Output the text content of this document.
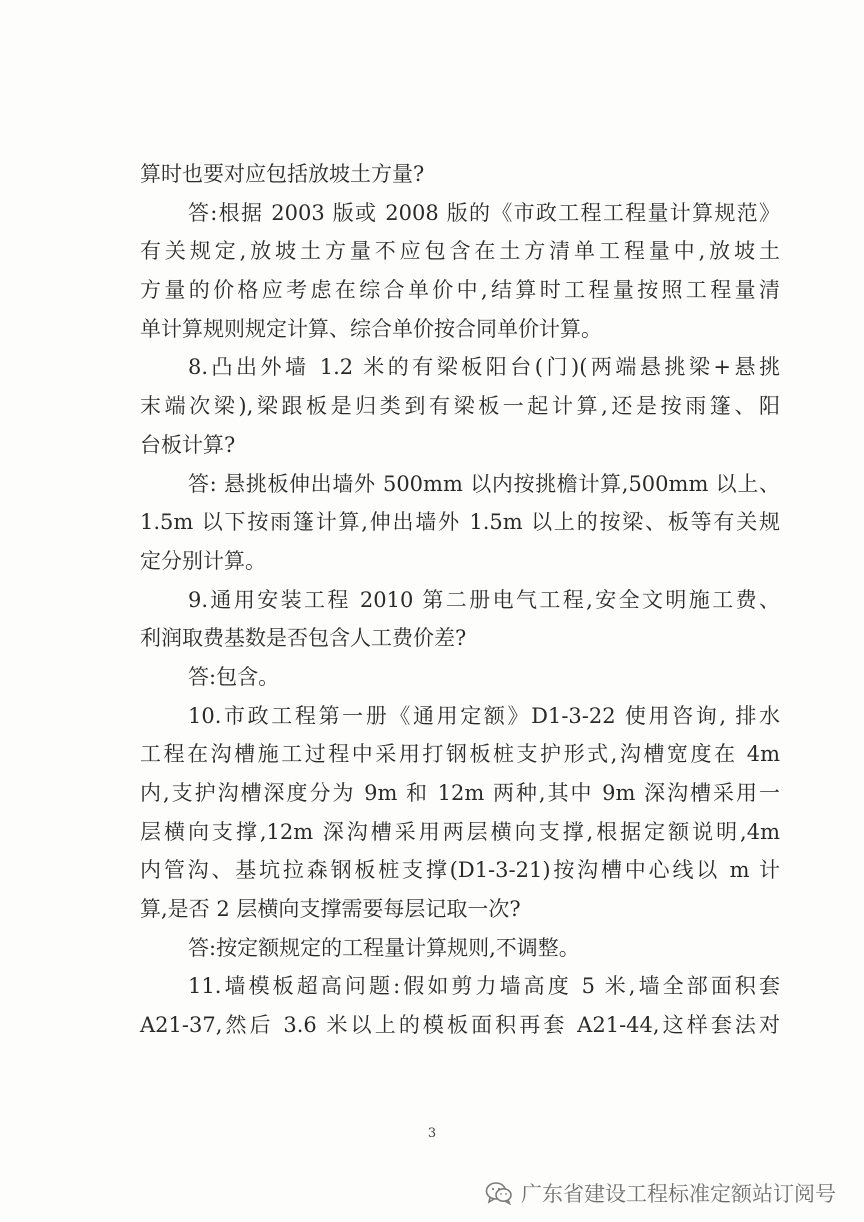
算时也要对应包括放坡土方量?
答:根据 2003 版或 2008 版的《市政工程工程量计算规范》
有关规定,放坡土方量不应包含在土方清单工程量中,放坡土
方量的价格应考虑在综合单价中,结算时工程量按照工程量清
单计算规则规定计算、综合单价按合同单价计算。
8.凸出外墙 1.2 米的有梁板阳台(门)(两端悬挑梁+悬挑
末端次梁),梁跟板是归类到有梁板一起计算,还是按雨篷、阳
台板计算?
答: 悬挑板伸出墙外 500mm 以内按挑檐计算,500mm 以上、
1.5m 以下按雨篷计算,伸出墙外 1.5m 以上的按梁、板等有关规
定分别计算。
9.通用安装工程 2010 第二册电气工程,安全文明施工费、
利润取费基数是否包含人工费价差?
答:包含。
10.市政工程第一册《通用定额》D1-3-22 使用咨询, 排水
工程在沟槽施工过程中采用打钢板桩支护形式,沟槽宽度在 4m
内,支护沟槽深度分为 9m 和 12m 两种,其中 9m 深沟槽采用一
层横向支撑,12m 深沟槽采用两层横向支撑,根据定额说明,4m
内管沟、基坑拉森钢板桩支撑(D1-3-21)按沟槽中心线以 m 计
算,是否 2 层横向支撑需要每层记取一次?
答:按定额规定的工程量计算规则,不调整。
11.墙模板超高问题:假如剪力墙高度 5 米,墙全部面积套
A21-37,然后 3.6 米以上的模板面积再套 A21-44,这样套法对
3
广东省建设工程标准定额站订阅号
